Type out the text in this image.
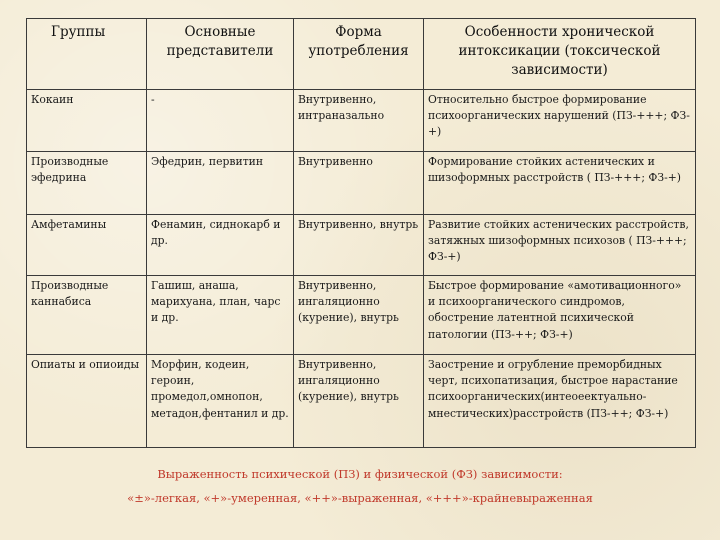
Группы	Основные представители	Форма употребления	Особенности хронической интоксикации (токсической зависимости)
Кокаин	-	Внутривенно, интраназально	Относительно быстрое формирование психоорганических нарушений (ПЗ-+++; ФЗ-+)
Производные эфедрина	Эфедрин, первитин	Внутривенно	Формирование стойких астенических и шизоформных расстройств ( ПЗ-+++; ФЗ-+)
Амфетамины	Фенамин, сиднокарб и др.	Внутривенно, внутрь	Развитие стойких астенических расстройств, затяжных шизоформных психозов ( ПЗ-+++; ФЗ-+)
Производные каннабиса	Гашиш, анаша, марихуана, план, чарс и др.	Внутривенно, ингаляционно (курение), внутрь	Быстрое формирование «амотивационного» и психоорганического синдромов, обострение латентной психической патологии (ПЗ-++; ФЗ-+)
Опиаты и опиоиды	Морфин, кодеин, героин, промедол,омнопон, метадон,фентанил и др.	Внутривенно, ингаляционно (курение), внутрь	Заострение и огрубление преморбидных черт, психопатизация, быстрое нарастание психоорганических(интеоеектуально-мнестических)расстройств (ПЗ-++; ФЗ-+)
Выраженность психической (ПЗ) и физической (ФЗ) зависимости:
«±»-легкая, «+»-умеренная, «++»-выраженная, «+++»-крайневыраженная
